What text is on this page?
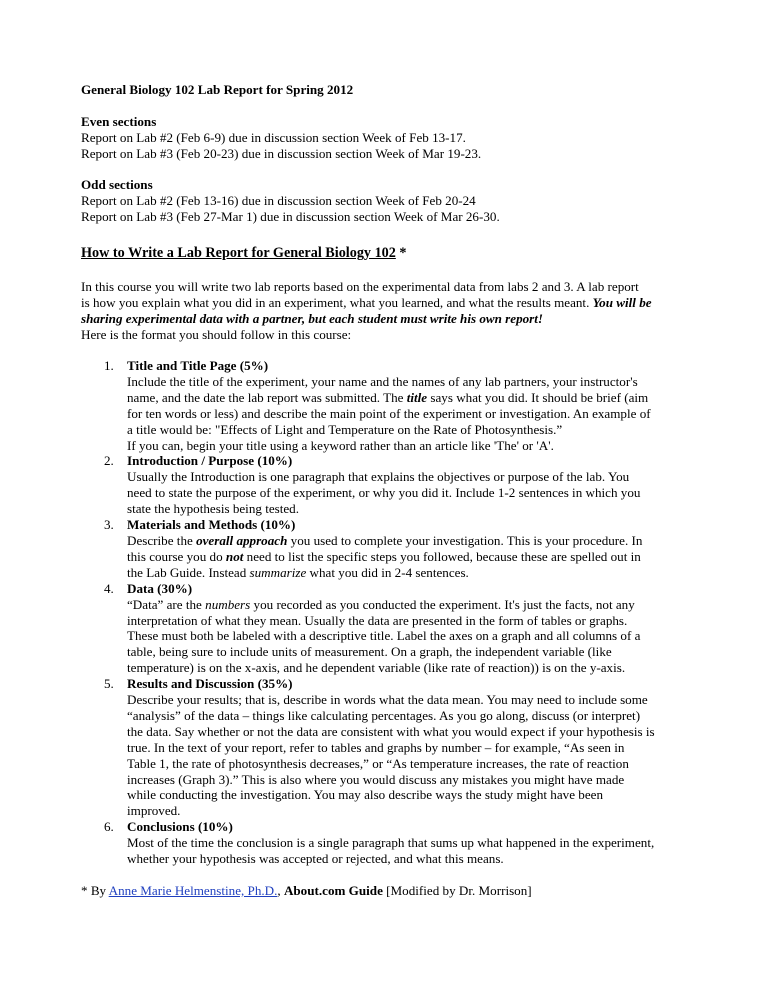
General Biology 102 Lab Report for Spring 2012
Even sections
Report on Lab #2 (Feb 6-9) due in discussion section Week of Feb 13-17.
Report on Lab #3 (Feb 20-23) due in discussion section Week of Mar 19-23.
Odd sections
Report on Lab #2 (Feb 13-16) due in discussion section Week of Feb 20-24
Report on Lab #3 (Feb 27-Mar 1) due in discussion section Week of Mar 26-30.
How to Write a Lab Report for General Biology 102 *
In this course you will write two lab reports based on the experimental data from labs 2 and 3. A lab report
is how you explain what you did in an experiment, what you learned, and what the results meant. You will be
sharing experimental data with a partner, but each student must write his own report!
Here is the format you should follow in this course:
1. Title and Title Page (5%)
Include the title of the experiment, your name and the names of any lab partners, your instructor's
name, and the date the lab report was submitted. The title says what you did. It should be brief (aim
for ten words or less) and describe the main point of the experiment or investigation. An example of
a title would be: "Effects of Light and Temperature on the Rate of Photosynthesis.”
If you can, begin your title using a keyword rather than an article like 'The' or 'A'.
2. Introduction / Purpose (10%)
Usually the Introduction is one paragraph that explains the objectives or purpose of the lab. You
need to state the purpose of the experiment, or why you did it. Include 1-2 sentences in which you
state the hypothesis being tested.
3. Materials and Methods (10%)
Describe the overall approach you used to complete your investigation. This is your procedure. In
this course you do not need to list the specific steps you followed, because these are spelled out in
the Lab Guide. Instead summarize what you did in 2-4 sentences.
4. Data (30%)
“Data” are the numbers you recorded as you conducted the experiment. It's just the facts, not any
interpretation of what they mean. Usually the data are presented in the form of tables or graphs.
These must both be labeled with a descriptive title. Label the axes on a graph and all columns of a
table, being sure to include units of measurement. On a graph, the independent variable (like
temperature) is on the x-axis, and he dependent variable (like rate of reaction)) is on the y-axis.
5. Results and Discussion (35%)
Describe your results; that is, describe in words what the data mean. You may need to include some
“analysis” of the data – things like calculating percentages. As you go along, discuss (or interpret)
the data. Say whether or not the data are consistent with what you would expect if your hypothesis is
true. In the text of your report, refer to tables and graphs by number – for example, “As seen in
Table 1, the rate of photosynthesis decreases,” or “As temperature increases, the rate of reaction
increases (Graph 3).” This is also where you would discuss any mistakes you might have made
while conducting the investigation. You may also describe ways the study might have been
improved.
6. Conclusions (10%)
Most of the time the conclusion is a single paragraph that sums up what happened in the experiment,
whether your hypothesis was accepted or rejected, and what this means.
* By Anne Marie Helmenstine, Ph.D., About.com Guide [Modified by Dr. Morrison]
